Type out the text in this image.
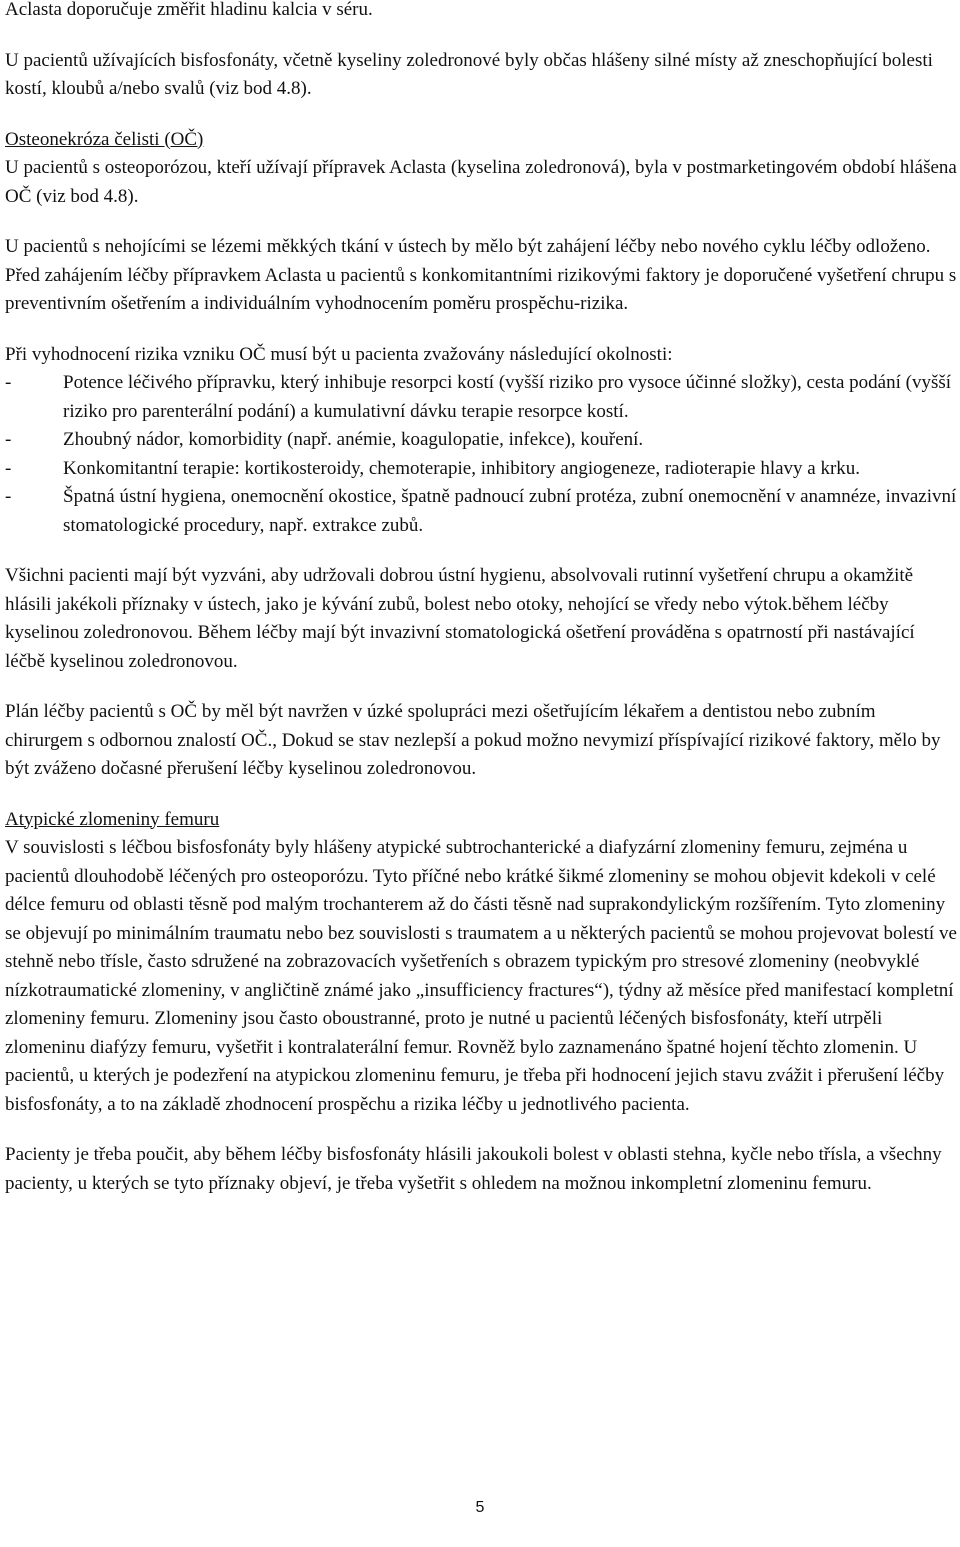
Aclasta doporučuje změřit hladinu kalcia v séru.

U pacientů užívajících bisfosfonáty, včetně kyseliny zoledronové byly občas hlášeny silné místy až zneschopňující bolesti kostí, kloubů a/nebo svalů (viz bod 4.8).

Osteonekróza čelisti (OČ)
U pacientů s osteoporózou, kteří užívají přípravek Aclasta (kyselina zoledronová), byla v postmarketingovém období hlášena OČ (viz bod 4.8).

U pacientů s nehojícími se lézemi měkkých tkání v ústech by mělo být zahájení léčby nebo nového cyklu léčby odloženo. Před zahájením léčby přípravkem Aclasta u pacientů s konkomitantními rizikovými faktory je doporučené vyšetření chrupu s preventivním ošetřením a individuálním vyhodnocením poměru prospěchu-rizika.

Při vyhodnocení rizika vzniku OČ musí být u pacienta zvažovány následující okolnosti:
- Potence léčivého přípravku, který inhibuje resorpci kostí (vyšší riziko pro vysoce účinné složky), cesta podání (vyšší riziko pro parenterální podání) a kumulativní dávku terapie resorpce kostí.
- Zhoubný nádor, komorbidity (např. anémie, koagulopatie, infekce), kouření.
- Konkomitantní terapie: kortikosteroidy, chemoterapie, inhibitory angiogeneze, radioterapie hlavy a krku.
- Špatná ústní hygiena, onemocnění okostice, špatně padnoucí zubní protéza, zubní onemocnění v anamnéze, invazivní stomatologické procedury, např. extrakce zubů.

Všichni pacienti mají být vyzváni, aby udržovali dobrou ústní hygienu, absolvovali rutinní vyšetření chrupu a okamžitě hlásili jakékoli příznaky v ústech, jako je kývání zubů, bolest nebo otoky, nehojící se vředy nebo výtok.během léčby kyselinou zoledronovou. Během léčby mají být invazivní stomatologická ošetření prováděna s opatrností při nastávající léčbě kyselinou zoledronovou.

Plán léčby pacientů s OČ by měl být navržen v úzké spolupráci mezi ošetřujícím lékařem a dentistou nebo zubním chirurgem s odbornou znalostí OČ., Dokud se stav nezlepší a pokud možno nevymizí příspívající rizikové faktory, mělo by být zváženo dočasné přerušení léčby kyselinou zoledronovou.

Atypické zlomeniny femuru
V souvislosti s léčbou bisfosfonáty byly hlášeny atypické subtrochanterické a diafyzární zlomeniny femuru, zejména u pacientů dlouhodobě léčených pro osteoporózu. Tyto příčné nebo krátké šikmé zlomeniny se mohou objevit kdekoli v celé délce femuru od oblasti těsně pod malým trochanterem až do části těsně nad suprakondylickým rozšířením. Tyto zlomeniny se objevují po minimálním traumatu nebo bez souvislosti s traumatem a u některých pacientů se mohou projevovat bolestí ve stehně nebo třísle, často sdružené na zobrazovacích vyšetřeních s obrazem typickým pro stresové zlomeniny (neobvyklé nízkotraumatické zlomeniny, v angličtině známé jako „insufficiency fractures“), týdny až měsíce před manifestací kompletní zlomeniny femuru. Zlomeniny jsou často oboustranné, proto je nutné u pacientů léčených bisfosfonáty, kteří utrpěli zlomeninu diafýzy femuru, vyšetřit i kontralaterální femur. Rovněž bylo zaznamenáno špatné hojení těchto zlomenin. U pacientů, u kterých je podezření na atypickou zlomeninu femuru, je třeba při hodnocení jejich stavu zvážit i přerušení léčby bisfosfonáty, a to na základě zhodnocení prospěchu a rizika léčby u jednotlivého pacienta.

Pacienty je třeba poučit, aby během léčby bisfosfonáty hlásili jakoukoli bolest v oblasti stehna, kyčle nebo třísla, a všechny pacienty, u kterých se tyto příznaky objeví, je třeba vyšetřit s ohledem na možnou inkompletní zlomeninu femuru.

5
